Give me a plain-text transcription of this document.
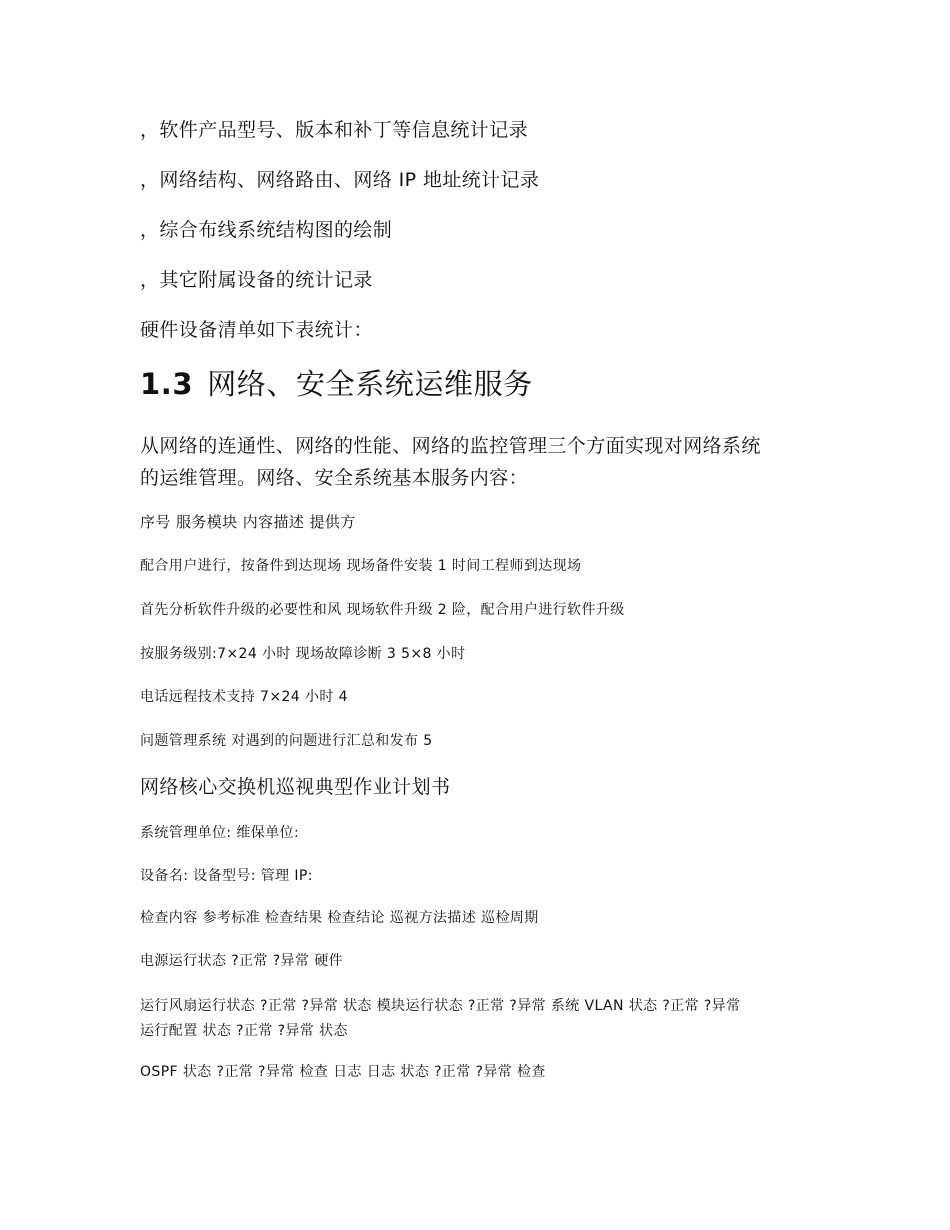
，软件产品型号、版本和补丁等信息统计记录
，网络结构、网络路由、网络 IP 地址统计记录
，综合布线系统结构图的绘制
，其它附属设备的统计记录
硬件设备清单如下表统计：
1.3 网络、安全系统运维服务
从网络的连通性、网络的性能、网络的监控管理三个方面实现对网络系统
的运维管理。网络、安全系统基本服务内容：
序号 服务模块 内容描述 提供方
配合用户进行，按备件到达现场 现场备件安装 1 时间工程师到达现场
首先分析软件升级的必要性和风 现场软件升级 2 险，配合用户进行软件升级
按服务级别:7×24 小时 现场故障诊断 3 5×8 小时
电话远程技术支持 7×24 小时 4
问题管理系统 对遇到的问题进行汇总和发布 5
网络核心交换机巡视典型作业计划书
系统管理单位: 维保单位:
设备名: 设备型号: 管理 IP:
检查内容 参考标准 检查结果 检查结论 巡视方法描述 巡检周期
电源运行状态 ?正常 ?异常 硬件
运行风扇运行状态 ?正常 ?异常 状态 模块运行状态 ?正常 ?异常 系统 VLAN 状态 ?正常 ?异常
运行配置 状态 ?正常 ?异常 状态
OSPF 状态 ?正常 ?异常 检查 日志 日志 状态 ?正常 ?异常 检查
